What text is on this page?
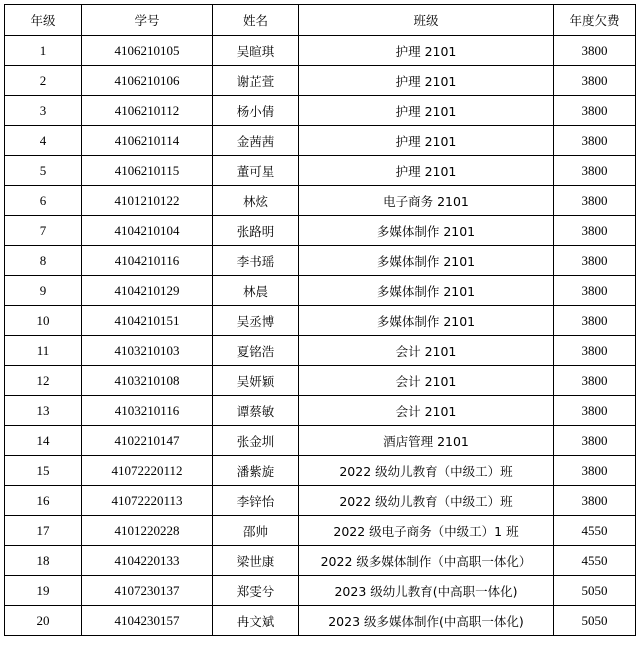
年级	学号	姓名	班级	年度欠费
1	4106210105	吴暄琪	护理 2101	3800
2	4106210106	谢芷萱	护理 2101	3800
3	4106210112	杨小倩	护理 2101	3800
4	4106210114	金茜茜	护理 2101	3800
5	4106210115	董可星	护理 2101	3800
6	4101210122	林炫	电子商务 2101	3800
7	4104210104	张路明	多媒体制作 2101	3800
8	4104210116	李书瑶	多媒体制作 2101	3800
9	4104210129	林晨	多媒体制作 2101	3800
10	4104210151	吴丞博	多媒体制作 2101	3800
11	4103210103	夏铭浩	会计 2101	3800
12	4103210108	吴妍颖	会计 2101	3800
13	4103210116	谭蔡敏	会计 2101	3800
14	4102210147	张金圳	酒店管理 2101	3800
15	41072220112	潘紫旋	2022 级幼儿教育（中级工）班	3800
16	41072220113	李锌怡	2022 级幼儿教育（中级工）班	3800
17	4101220228	邵帅	2022 级电子商务（中级工）1 班	4550
18	4104220133	梁世康	2022 级多媒体制作（中高职一体化）	4550
19	4107230137	郑雯兮	2023 级幼儿教育(中高职一体化)	5050
20	4104230157	冉文斌	2023 级多媒体制作(中高职一体化)	5050
